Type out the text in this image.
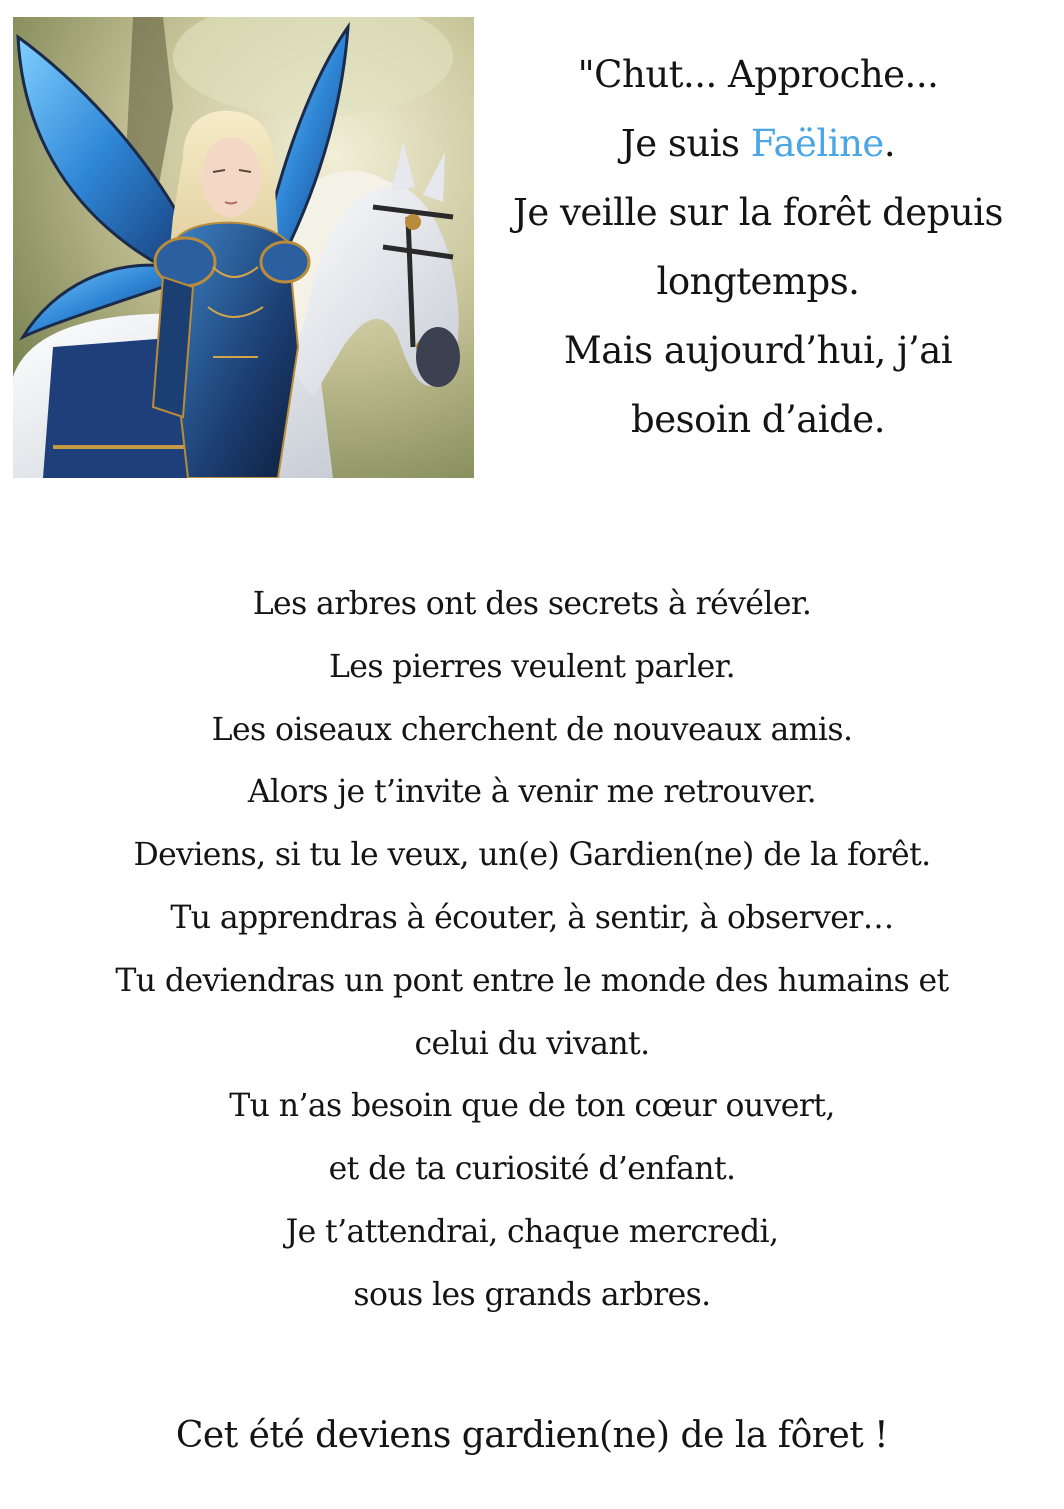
"Chut... Approche...
Je suis Faëline.
Je veille sur la forêt depuis
longtemps.
Mais aujourd’hui, j’ai
besoin d’aide.
Les arbres ont des secrets à révéler.
Les pierres veulent parler.
Les oiseaux cherchent de nouveaux amis.
Alors je t’invite à venir me retrouver.
Deviens, si tu le veux, un(e) Gardien(ne) de la forêt.
Tu apprendras à écouter, à sentir, à observer…
Tu deviendras un pont entre le monde des humains et
celui du vivant.
Tu n’as besoin que de ton cœur ouvert,
et de ta curiosité d’enfant.
Je t’attendrai, chaque mercredi,
sous les grands arbres.
Cet été deviens gardien(ne) de la fôret !
